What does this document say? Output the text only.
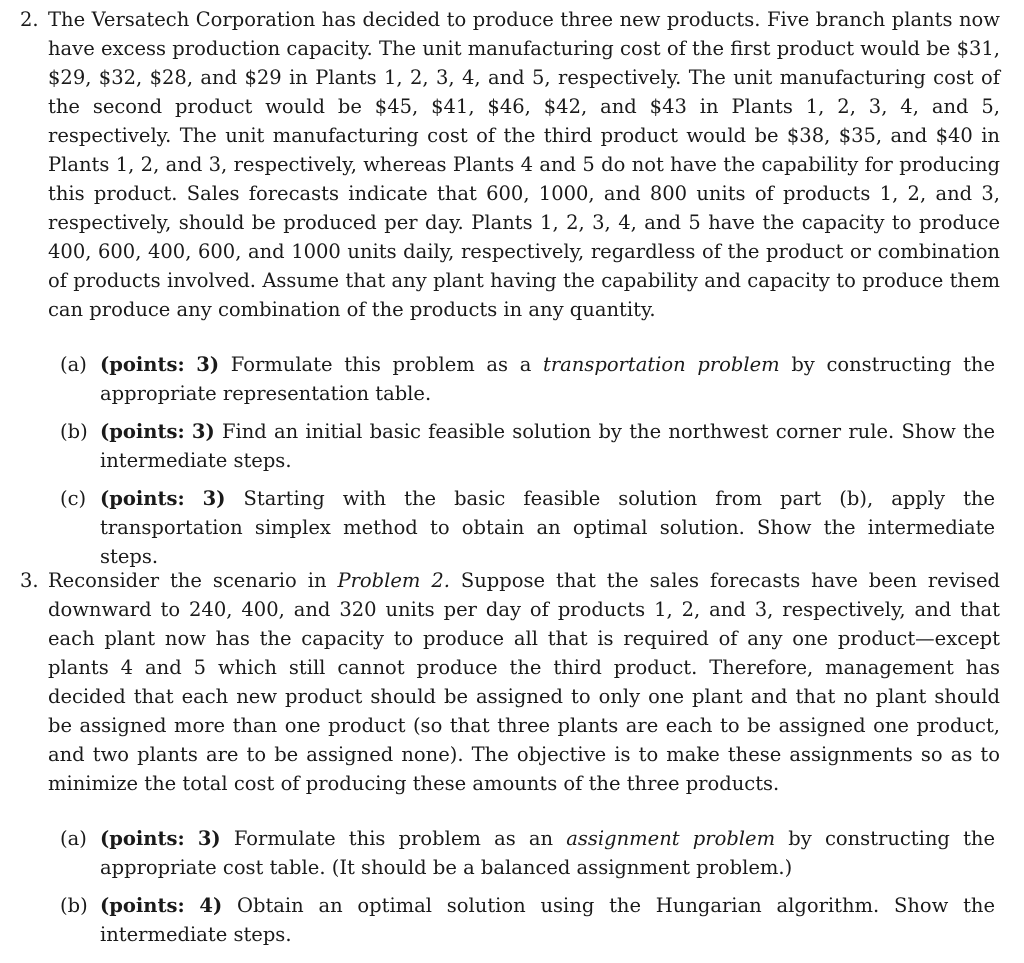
2. The Versatech Corporation has decided to produce three new products. Five branch plants now have excess production capacity. The unit manufacturing cost of the first product would be $31, $29, $32, $28, and $29 in Plants 1, 2, 3, 4, and 5, respectively. The unit manufacturing cost of the second product would be $45, $41, $46, $42, and $43 in Plants 1, 2, 3, 4, and 5, respectively. The unit manufacturing cost of the third product would be $38, $35, and $40 in Plants 1, 2, and 3, respectively, whereas Plants 4 and 5 do not have the capability for producing this product. Sales forecasts indicate that 600, 1000, and 800 units of products 1, 2, and 3, respectively, should be produced per day. Plants 1, 2, 3, 4, and 5 have the capacity to produce 400, 600, 400, 600, and 1000 units daily, respectively, regardless of the product or combination of products involved. Assume that any plant having the capability and capacity to produce them can produce any combination of the products in any quantity.
(a) (points: 3) Formulate this problem as a transportation problem by constructing the appropriate representation table.
(b) (points: 3) Find an initial basic feasible solution by the northwest corner rule. Show the intermediate steps.
(c) (points: 3) Starting with the basic feasible solution from part (b), apply the transportation simplex method to obtain an optimal solution. Show the intermediate steps.
3. Reconsider the scenario in Problem 2. Suppose that the sales forecasts have been revised downward to 240, 400, and 320 units per day of products 1, 2, and 3, respectively, and that each plant now has the capacity to produce all that is required of any one product—except plants 4 and 5 which still cannot produce the third product. Therefore, management has decided that each new product should be assigned to only one plant and that no plant should be assigned more than one product (so that three plants are each to be assigned one product, and two plants are to be assigned none). The objective is to make these assignments so as to minimize the total cost of producing these amounts of the three products.
(a) (points: 3) Formulate this problem as an assignment problem by constructing the appropriate cost table. (It should be a balanced assignment problem.)
(b) (points: 4) Obtain an optimal solution using the Hungarian algorithm. Show the intermediate steps.
